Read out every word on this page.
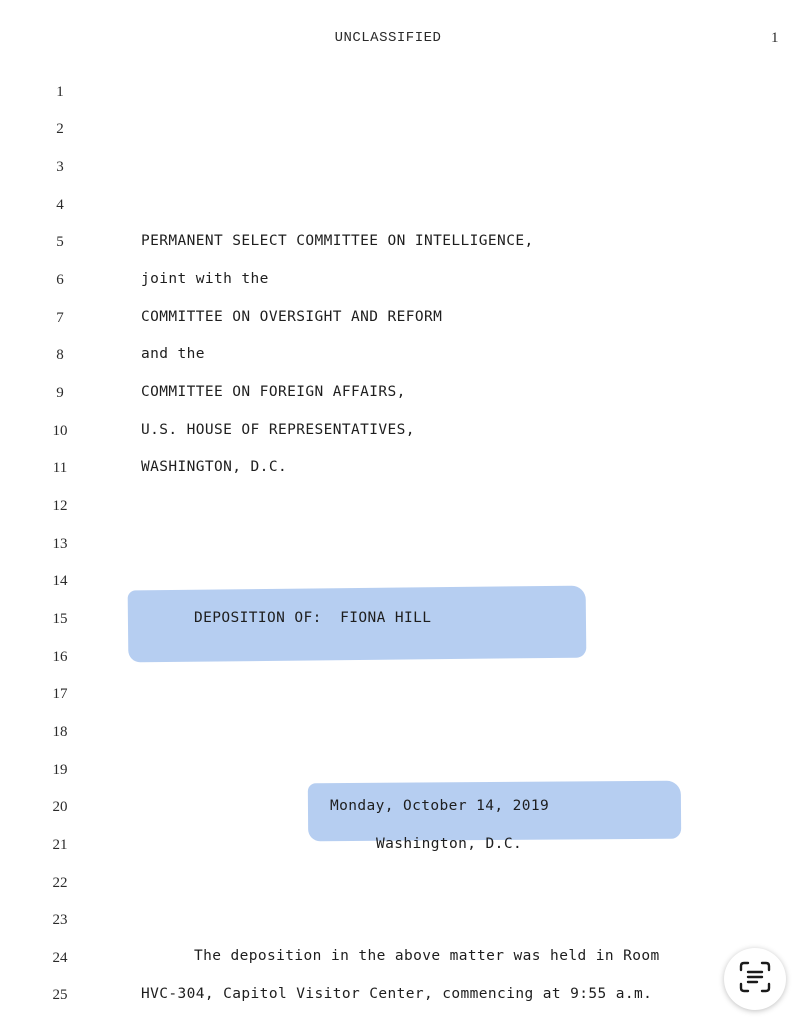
UNCLASSIFIED	1
1
2
3
4
5
6
7
8
9
10
11
12
13
14
15
16
17
18
19
20
21
22
23
24
25
PERMANENT SELECT COMMITTEE ON INTELLIGENCE,
joint with the
COMMITTEE ON OVERSIGHT AND REFORM
and the
COMMITTEE ON FOREIGN AFFAIRS,
U.S. HOUSE OF REPRESENTATIVES,
WASHINGTON, D.C.
DEPOSITION OF:  FIONA HILL
Monday, October 14, 2019
Washington, D.C.
The deposition in the above matter was held in Room
HVC-304, Capitol Visitor Center, commencing at 9:55 a.m.
